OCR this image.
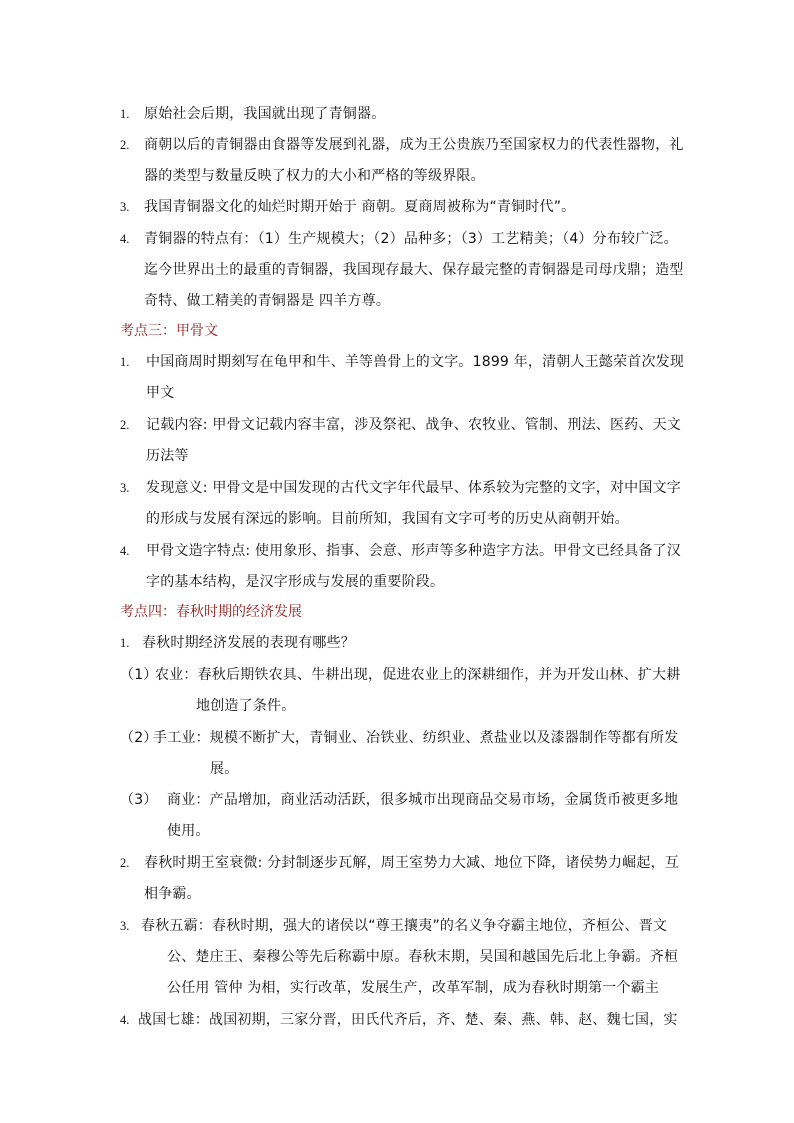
1. 原始社会后期，我国就出现了青铜器。
2. 商朝以后的青铜器由食器等发展到礼器，成为王公贵族乃至国家权力的代表性器物，礼
器的类型与数量反映了权力的大小和严格的等级界限。
3. 我国青铜器文化的灿烂时期开始于 商朝。夏商周被称为“青铜时代”。
4. 青铜器的特点有：（1）生产规模大；（2）品种多；（3）工艺精美；（4）分布较广泛。
迄今世界出土的最重的青铜器，我国现存最大、保存最完整的青铜器是司母戊鼎；造型
奇特、做工精美的青铜器是 四羊方尊。
考点三：甲骨文
1. 中国商周时期刻写在龟甲和牛、羊等兽骨上的文字。1899 年，清朝人王懿荣首次发现
甲文
2. 记载内容: 甲骨文记载内容丰富，涉及祭祀、战争、农牧业、管制、刑法、医药、天文
历法等
3. 发现意义: 甲骨文是中国发现的古代文字年代最早、体系较为完整的文字，对中国文字
的形成与发展有深远的影响。目前所知，我国有文字可考的历史从商朝开始。
4. 甲骨文造字特点: 使用象形、指事、会意、形声等多种造字方法。甲骨文已经具备了汉
字的基本结构，是汉字形成与发展的重要阶段。
考点四：春秋时期的经济发展
1. 春秋时期经济发展的表现有哪些？
（1）
农业：春秋后期铁农具、牛耕出现，促进农业上的深耕细作，并为开发山林、扩大耕
地创造了条件。
（2）
手工业：规模不断扩大，青铜业、冶铁业、纺织业、煮盐业以及漆器制作等都有所发
展。
（3） 商业：产品增加，商业活动活跃，很多城市出现商品交易市场，金属货币被更多地
使用。
2. 春秋时期王室衰微: 分封制逐步瓦解，周王室势力大减、地位下降，诸侯势力崛起，互
相争霸。
3. 春秋五霸：春秋时期，强大的诸侯以“尊王攘夷”的名义争夺霸主地位，齐桓公、晋文
公、楚庄王、秦穆公等先后称霸中原。春秋末期，吴国和越国先后北上争霸。齐桓
公任用 管仲 为相，实行改革，发展生产，改革军制，成为春秋时期第一个霸主
4. 战国七雄：战国初期，三家分晋，田氏代齐后，齐、楚、秦、燕、韩、赵、魏七国，实
